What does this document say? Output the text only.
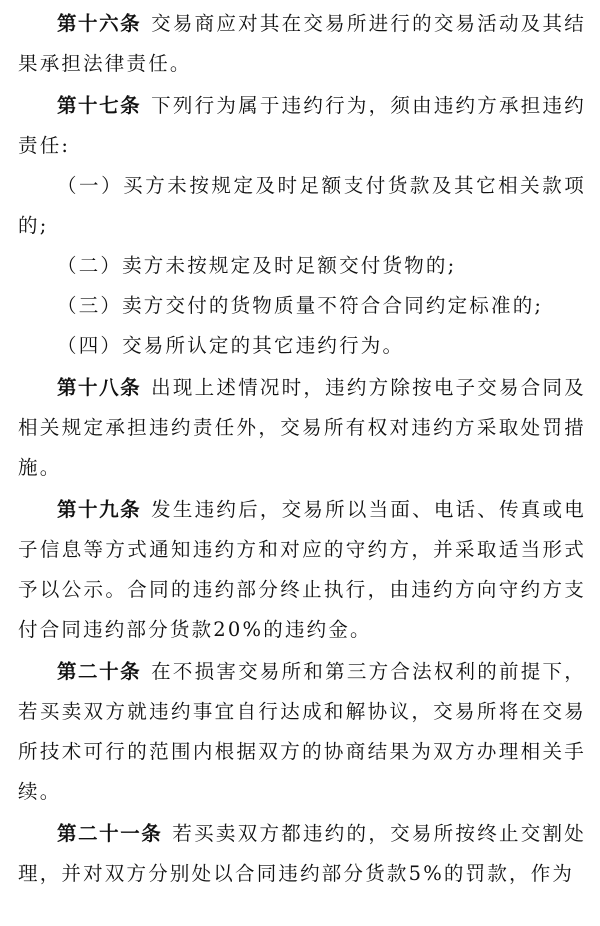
第十六条 交易商应对其在交易所进行的交易活动及其结果承担法律责任。

第十七条 下列行为属于违约行为，须由违约方承担违约责任:

（一）买方未按规定及时足额支付货款及其它相关款项的;

（二）卖方未按规定及时足额交付货物的;

（三）卖方交付的货物质量不符合合同约定标准的;

（四）交易所认定的其它违约行为。

第十八条 出现上述情况时，违约方除按电子交易合同及相关规定承担违约责任外，交易所有权对违约方采取处罚措施。

第十九条 发生违约后，交易所以当面、电话、传真或电子信息等方式通知违约方和对应的守约方，并采取适当形式予以公示。合同的违约部分终止执行，由违约方向守约方支付合同违约部分货款20%的违约金。

第二十条 在不损害交易所和第三方合法权利的前提下，若买卖双方就违约事宜自行达成和解协议，交易所将在交易所技术可行的范围内根据双方的协商结果为双方办理相关手续。

第二十一条 若买卖双方都违约的，交易所按终止交割处理，并对双方分别处以合同违约部分货款5%的罚款，作为
